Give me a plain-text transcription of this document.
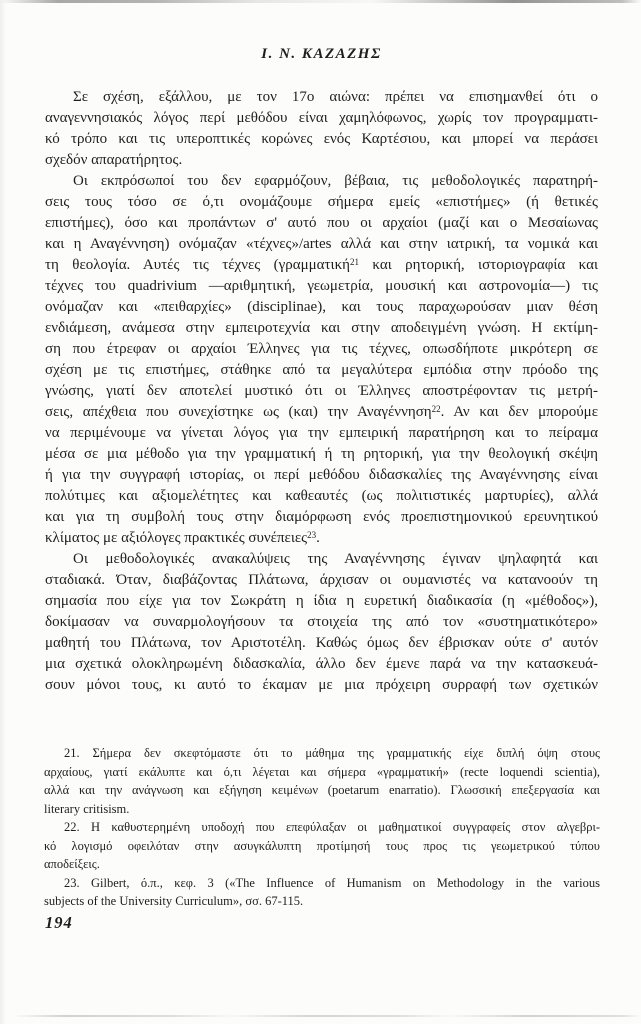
Ι. Ν. ΚΑΖΑΖΗΣ
Σε σχέση, εξάλλου, με τον 17ο αιώνα: πρέπει να επισημανθεί ότι ο
αναγεννησιακός λόγος περί μεθόδου είναι χαμηλόφωνος, χωρίς τον προγραμματι-
κό τρόπο και τις υπεροπτικές κορώνες ενός Καρτέσιου, και μπορεί να περάσει
σχεδόν απαρατήρητος.
Οι εκπρόσωποί του δεν εφαρμόζουν, βέβαια, τις μεθοδολογικές παρατηρή-
σεις τους τόσο σε ό,τι ονομάζουμε σήμερα εμείς «επιστήμες» (ή θετικές
επιστήμες), όσο και προπάντων σ' αυτό που οι αρχαίοι (μαζί και ο Μεσαίωνας
και η Αναγέννηση) ονόμαζαν «τέχνες»/artes αλλά και στην ιατρική, τα νομικά και
τη θεολογία. Αυτές τις τέχνες (γραμματική$^{21}$ και ρητορική, ιστοριογραφία και
τέχνες του quadrivium —αριθμητική, γεωμετρία, μουσική και αστρονομία—) τις
ονόμαζαν και «πειθαρχίες» (disciplinae), και τους παραχωρούσαν μιαν θέση
ενδιάμεση, ανάμεσα στην εμπειροτεχνία και στην αποδειγμένη γνώση. Η εκτίμη-
ση που έτρεφαν οι αρχαίοι Έλληνες για τις τέχνες, οπωσδήποτε μικρότερη σε
σχέση με τις επιστήμες, στάθηκε από τα μεγαλύτερα εμπόδια στην πρόοδο της
γνώσης, γιατί δεν αποτελεί μυστικό ότι οι Έλληνες αποστρέφονταν τις μετρή-
σεις, απέχθεια που συνεχίστηκε ως (και) την Αναγέννηση$^{22}$. Αν και δεν μπορούμε
να περιμένουμε να γίνεται λόγος για την εμπειρική παρατήρηση και το πείραμα
μέσα σε μια μέθοδο για την γραμματική ή τη ρητορική, για την θεολογική σκέψη
ή για την συγγραφή ιστορίας, οι περί μεθόδου διδασκαλίες της Αναγέννησης είναι
πολύτιμες και αξιομελέτητες και καθεαυτές (ως πολιτιστικές μαρτυρίες), αλλά
και για τη συμβολή τους στην διαμόρφωση ενός προεπιστημονικού ερευνητικού
κλίματος με αξιόλογες πρακτικές συνέπειες$^{23}$.
Οι μεθοδολογικές ανακαλύψεις της Αναγέννησης έγιναν ψηλαφητά και
σταδιακά. Όταν, διαβάζοντας Πλάτωνα, άρχισαν οι ουμανιστές να κατανοούν τη
σημασία που είχε για τον Σωκράτη η ίδια η ευρετική διαδικασία (η «μέθοδος»),
δοκίμασαν να συναρμολογήσουν τα στοιχεία της από τον «συστηματικότερο»
μαθητή του Πλάτωνα, τον Αριστοτέλη. Καθώς όμως δεν έβρισκαν ούτε σ' αυτόν
μια σχετικά ολοκληρωμένη διδασκαλία, άλλο δεν έμενε παρά να την κατασκευά-
σουν μόνοι τους, κι αυτό το έκαμαν με μια πρόχειρη συρραφή των σχετικών
21. Σήμερα δεν σκεφτόμαστε ότι το μάθημα της γραμματικής είχε διπλή όψη στους
αρχαίους, γιατί εκάλυπτε και ό,τι λέγεται και σήμερα «γραμματική» (recte loquendi scientia),
αλλά και την ανάγνωση και εξήγηση κειμένων (poetarum enarratio). Γλωσσική επεξεργασία και
literary critisism.
22. Η καθυστερημένη υποδοχή που επεφύλαξαν οι μαθηματικοί συγγραφείς στον αλγεβρι-
κό λογισμό οφειλόταν στην ασυγκάλυπτη προτίμησή τους προς τις γεωμετρικού τύπου
αποδείξεις.
23. Gilbert, ό.π., κεφ. 3 («The Influence of Humanism on Methodology in the various
subjects of the University Curriculum», σσ. 67-115.
194
